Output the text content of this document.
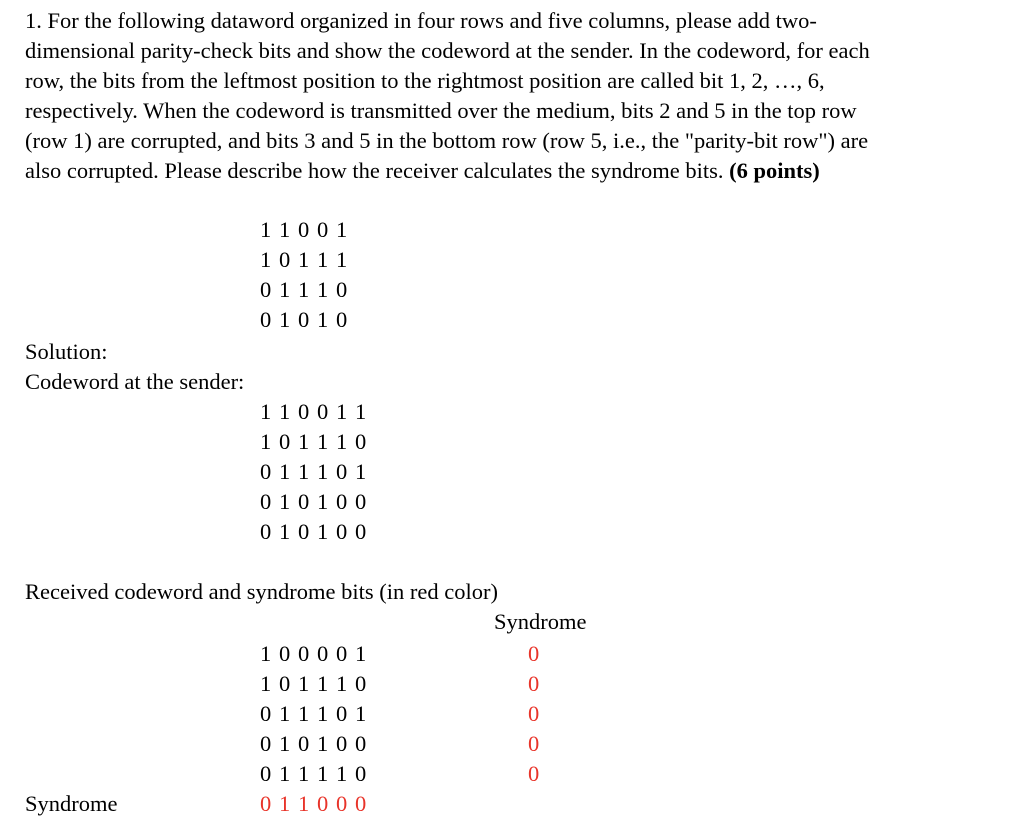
1. For the following dataword organized in four rows and five columns, please add two-
dimensional parity-check bits and show the codeword at the sender. In the codeword, for each
row, the bits from the leftmost position to the rightmost position are called bit 1, 2, …, 6,
respectively. When the codeword is transmitted over the medium, bits 2 and 5 in the top row
(row 1) are corrupted, and bits 3 and 5 in the bottom row (row 5, i.e., the "parity-bit row") are
also corrupted. Please describe how the receiver calculates the syndrome bits. (6 points)
1 1 0 0 1
1 0 1 1 1
0 1 1 1 0
0 1 0 1 0
Solution:
Codeword at the sender:
1 1 0 0 1 1
1 0 1 1 1 0
0 1 1 1 0 1
0 1 0 1 0 0
0 1 0 1 0 0
Received codeword and syndrome bits (in red color)
Syndrome
1 0 0 0 0 1
1 0 1 1 1 0
0 1 1 1 0 1
0 1 0 1 0 0
0 1 1 1 1 0
0
0
0
0
0
Syndrome	0 1 1 0 0 0
